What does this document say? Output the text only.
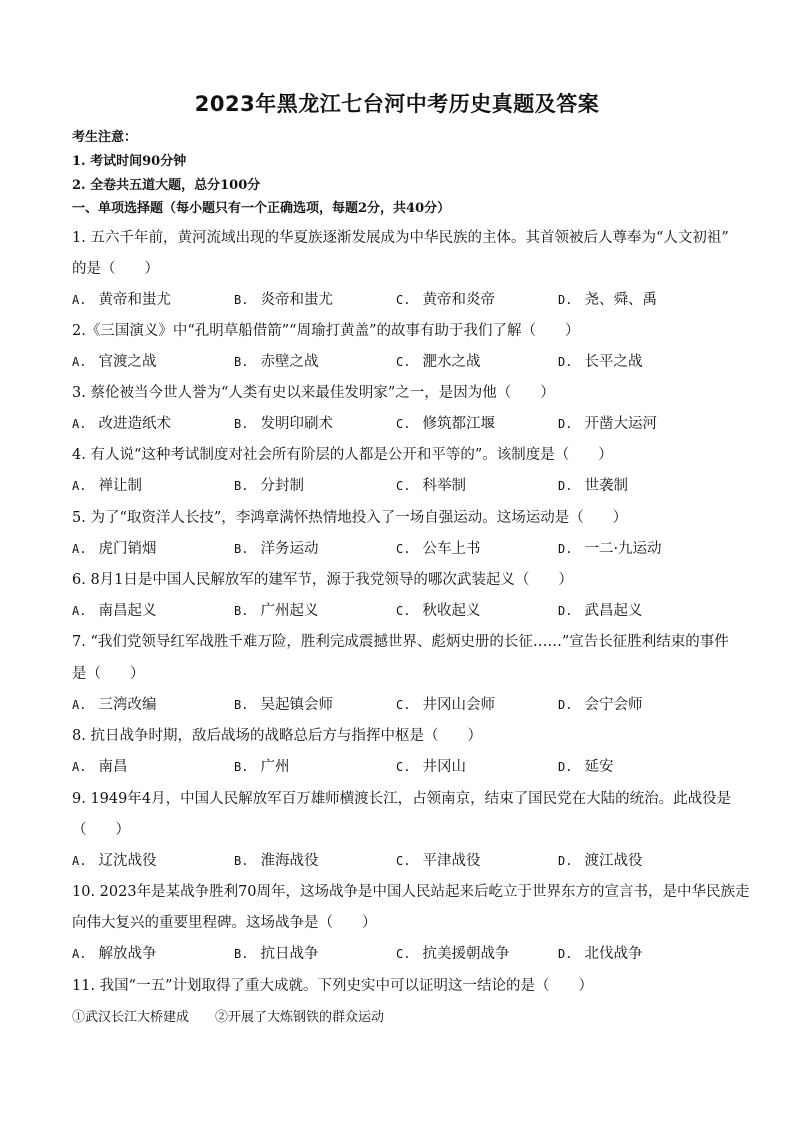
2023年黑龙江七台河中考历史真题及答案
考生注意：
1. 考试时间90分钟
2. 全卷共五道大题，总分100分
一、单项选择题（每小题只有一个正确选项，每题2分，共40分）
1. 五六千年前，黄河流域出现的华夏族逐渐发展成为中华民族的主体。其首领被后人尊奉为“人文初祖”
的是（　　）
A. 黄帝和蚩尤	B. 炎帝和蚩尤	C. 黄帝和炎帝	D. 尧、舜、禹
2.《三国演义》中“孔明草船借箭”“周瑜打黄盖”的故事有助于我们了解（　　）
A. 官渡之战	B. 赤壁之战	C. 淝水之战	D. 长平之战
3. 蔡伦被当今世人誉为“人类有史以来最佳发明家”之一，是因为他（　　）
A. 改进造纸术	B. 发明印刷术	C. 修筑都江堰	D. 开凿大运河
4. 有人说“这种考试制度对社会所有阶层的人都是公开和平等的”。该制度是（　　）
A. 禅让制	B. 分封制	C. 科举制	D. 世袭制
5. 为了“取资洋人长技”，李鸿章满怀热情地投入了一场自强运动。这场运动是（　　）
A. 虎门销烟	B. 洋务运动	C. 公车上书	D. 一二·九运动
6. 8月1日是中国人民解放军的建军节，源于我党领导的哪次武装起义（　　）
A. 南昌起义	B. 广州起义	C. 秋收起义	D. 武昌起义
7. “我们党领导红军战胜千难万险，胜利完成震撼世界、彪炳史册的长征……”宣告长征胜利结束的事件
是（　　）
A. 三湾改编	B. 吴起镇会师	C. 井冈山会师	D. 会宁会师
8. 抗日战争时期，敌后战场的战略总后方与指挥中枢是（　　）
A. 南昌	B. 广州	C. 井冈山	D. 延安
9. 1949年4月，中国人民解放军百万雄师横渡长江，占领南京，结束了国民党在大陆的统治。此战役是
（　　）
A. 辽沈战役	B. 淮海战役	C. 平津战役	D. 渡江战役
10. 2023年是某战争胜利70周年，这场战争是中国人民站起来后屹立于世界东方的宣言书，是中华民族走
向伟大复兴的重要里程碑。这场战争是（　　）
A. 解放战争	B. 抗日战争	C. 抗美援朝战争	D. 北伐战争
11. 我国“一五”计划取得了重大成就。下列史实中可以证明这一结论的是（　　）
①武汉长江大桥建成　　②开展了大炼钢铁的群众运动
